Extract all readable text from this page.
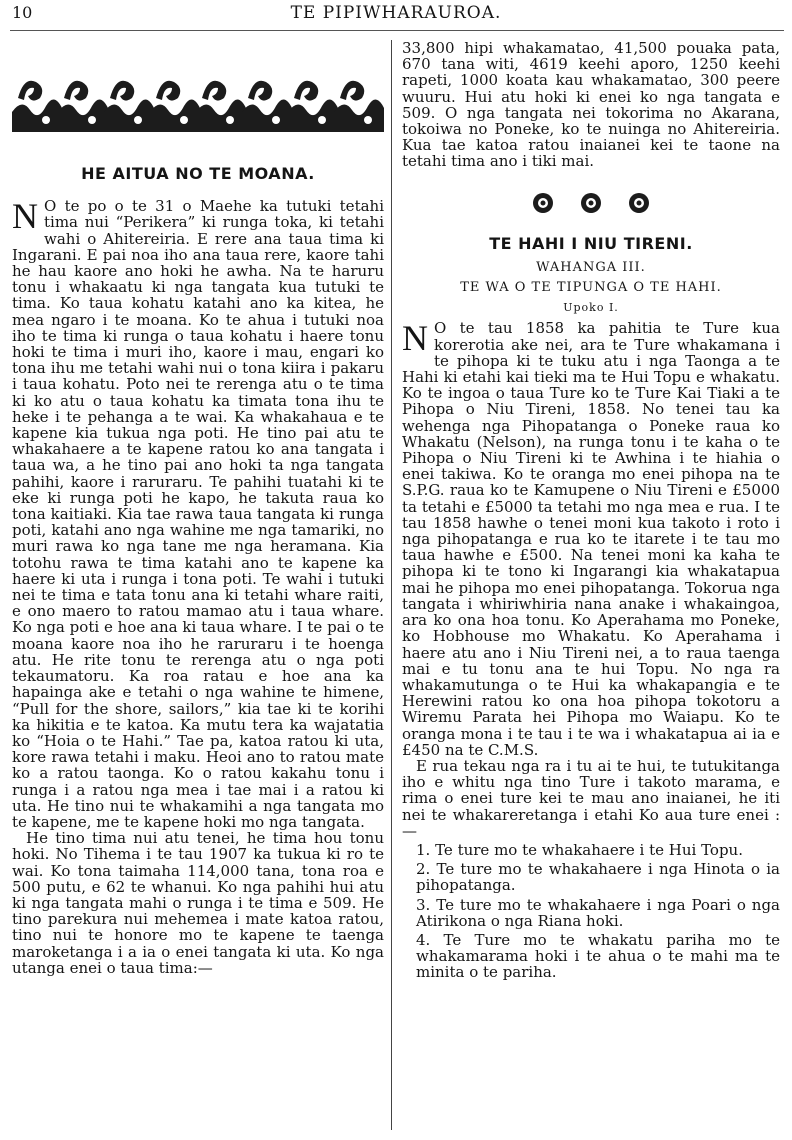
10	TE PIPIWHARAUROA.
HE AITUA NO TE MOANA.

N O te po o te 31 o Maehe ka tutuki tetahi tima nui “Perikera” ki runga toka, ki tetahi wahi o Ahitereiria. E rere ana taua tima ki Ingarani. E pai noa iho ana taua rere, kaore tahi he hau kaore ano hoki he awha. Na te haruru tonu i whakaatu ki nga tangata kua tutuki te tima. Ko taua kohatu katahi ano ka kitea, he mea ngaro i te moana. Ko te ahua i tutuki noa iho te tima ki runga o taua kohatu i haere tonu hoki te tima i muri iho, kaore i mau, engari ko tona ihu me tetahi wahi nui o tona kiira i pakaru i taua kohatu. Poto nei te rerenga atu o te tima ki ko atu o taua kohatu ka timata tona ihu te heke i te pehanga a te wai. Ka whakahaua e te kapene kia tukua nga poti. He tino pai atu te whakahaere a te kapene ratou ko ana tangata i taua wa, a he tino pai ano hoki ta nga tangata pahihi, kaore i raruraru. Te pahihi tuatahi ki te eke ki runga poti he kapo, he takuta raua ko tona kaitiaki. Kia tae rawa taua tangata ki runga poti, katahi ano nga wahine me nga tamariki, no muri rawa ko nga tane me nga heramana. Kia totohu rawa te tima katahi ano te kapene ka haere ki uta i runga i tona poti. Te wahi i tutuki nei te tima e tata tonu ana ki tetahi whare raiti, e ono maero to ratou mamao atu i taua whare. Ko nga poti e hoe ana ki taua whare. I te pai o te moana kaore noa iho he raruraru i te hoenga atu. He rite tonu te rerenga atu o nga poti tekaumatoru. Ka roa ratau e hoe ana ka hapainga ake e tetahi o nga wahine te himene, “Pull for the shore, sailors,” kia tae ki te korihi ka hikitia e te katoa. Ka mutu tera ka wajatatia ko “Hoia o te Hahi.” Tae pa, katoa ratou ki uta, kore rawa tetahi i maku. Heoi ano to ratou mate ko a ratou taonga. Ko o ratou kakahu tonu i runga i a ratou nga mea i tae mai i a ratou ki uta. He tino nui te whakamihi a nga tangata mo te kapene, me te kapene hoki mo nga tangata.

He tino tima nui atu tenei, he tima hou tonu hoki. No Tihema i te tau 1907 ka tukua ki ro te wai. Ko tona taimaha 114,000 tana, tona roa e 500 putu, e 62 te whanui. Ko nga pahihi hui atu ki nga tangata mahi o runga i te tima e 509. He tino parekura nui mehemea i mate katoa ratou, tino nui te honore mo te kapene te taenga maroketanga i a ia o enei tangata ki uta. Ko nga utanga enei o taua tima:—

33,800 hipi whakamatao, 41,500 pouaka pata, 670 tana witi, 4619 keehi aporo, 1250 keehi rapeti, 1000 koata kau whakamatao, 300 peere wuuru. Hui atu hoki ki enei ko nga tangata e 509. O nga tangata nei tokorima no Akarana, tokoiwa no Poneke, ko te nuinga no Ahitereiria. Kua tae katoa ratou inaianei kei te taone na tetahi tima ano i tiki mai.

TE HAHI I NIU TIRENI.
WAHANGA III.
TE WA O TE TIPUNGA O TE HAHI.
Upoko I.

N O te tau 1858 ka pahitia te Ture kua korerotia ake nei, ara te Ture whakamana i te pihopa ki te tuku atu i nga Taonga a te Hahi ki etahi kai tieki ma te Hui Topu e whakatu. Ko te ingoa o taua Ture ko te Ture Kai Tiaki a te Pihopa o Niu Tireni, 1858. No tenei tau ka wehenga nga Pihopatanga o Poneke raua ko Whakatu (Nelson), na runga tonu i te kaha o te Pihopa o Niu Tireni ki te Awhina i te hiahia o enei takiwa. Ko te oranga mo enei pihopa na te S.P.G. raua ko te Kamupene o Niu Tireni e £5000 ta tetahi e £5000 ta tetahi mo nga mea e rua. I te tau 1858 hawhe o tenei moni kua takoto i roto i nga pihopatanga e rua ko te itarete i te tau mo taua hawhe e £500. Na tenei moni ka kaha te pihopa ki te tono ki Ingarangi kia whakatapua mai he pihopa mo enei pihopatanga. Tokorua nga tangata i whiriwhiria nana anake i whakaingoa, ara ko ona hoa tonu. Ko Aperahama mo Poneke, ko Hobhouse mo Whakatu. Ko Aperahama i haere atu ano i Niu Tireni nei, a to raua taenga mai e tu tonu ana te hui Topu. No nga ra whakamutunga o te Hui ka whakapangia e te Herewini ratou ko ona hoa pihopa tokotoru a Wiremu Parata hei Pihopa mo Waiapu. Ko te oranga mona i te tau i te wa i whakatapua ai ia e £450 na te C.M.S.

E rua tekau nga ra i tu ai te hui, te tutukitanga iho e whitu nga tino Ture i takoto marama, e rima o enei ture kei te mau ano inaianei, he iti nei te whakareretanga i etahi Ko aua ture enei :—

1. Te ture mo te whakahaere i te Hui Topu.

2. Te ture mo te whakahaere i nga Hinota o ia pihopatanga.

3. Te ture mo te whakahaere i nga Poari o nga Atirikona o nga Riana hoki.

4. Te Ture mo te whakatu pariha mo te whakamarama hoki i te ahua o te mahi ma te minita o te pariha.
